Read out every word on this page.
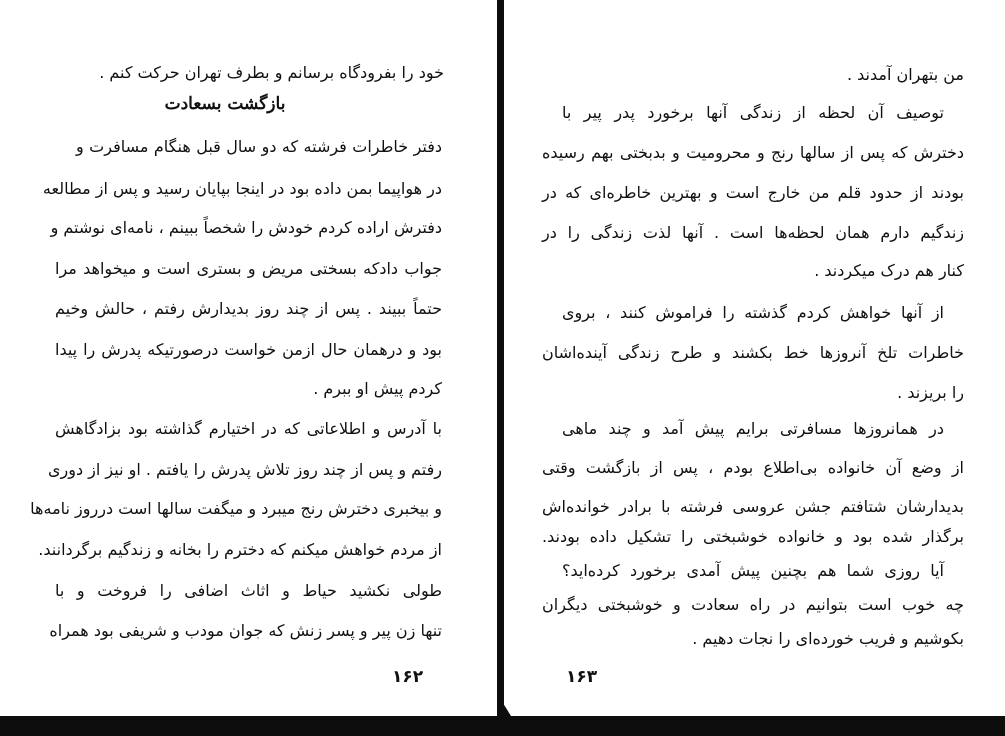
خود را بفرودگاه برسانم و بطرف تهران حرکت کنم .
بازگشت بسعادت
دفتر خاطرات فرشته که دو سال قبل هنگام مسافرت و
در هواپیما بمن داده بود در اینجا بپایان رسید و پس از مطالعه
دفترش اراده کردم خودش را شخصاً ببینم ، نامه‌ای نوشتم و
جواب دادکه بسختی مریض و بستری است و میخواهد مرا
حتماً ببیند . پس از چند روز بدیدارش رفتم ، حالش وخیم
بود و درهمان حال ازمن خواست درصورتیکه پدرش را پیدا
کردم پیش او ببرم .
با آدرس و اطلاعاتی که در اختیارم گذاشته بود بزادگاهش
رفتم و پس از چند روز تلاش پدرش را یافتم . او نیز از دوری
و بیخبری دخترش رنج میبرد و میگفت سالها است درروز نامه‌ها
از مردم خواهش میکنم که دخترم را بخانه و زندگیم برگردانند.
طولی نکشید حیاط و اثاث اضافی را فروخت و با
تنها زن پیر و پسر زنش که جوان مودب و شریفی بود همراه
۱۶۲
من بتهران آمدند .
توصیف آن لحظه از زندگی آنها برخورد پدر پیر با
دخترش که پس از سالها رنج و محرومیت و بدبختی بهم رسیده
بودند از حدود قلم من خارج است و بهترین خاطره‌ای که در
زندگیم دارم همان لحظه‌ها است . آنها لذت زندگی را در
کنار هم درک میکردند .
از آنها خواهش کردم گذشته را فراموش کنند ، بروی
خاطرات تلخ آنروزها خط بکشند و طرح زندگی آینده‌اشان
را بریزند .
در همانروزها مسافرتی برایم پیش آمد و چند ماهی
از وضع آن خانواده بی‌اطلاع بودم ، پس از بازگشت وقتی
بدیدارشان شتافتم جشن عروسی فرشته با برادر خوانده‌اش
برگذار شده بود و خانواده خوشبختی را تشکیل داده بودند.
آیا روزی شما هم بچنین پیش آمدی برخورد کرده‌اید؟
چه خوب است بتوانیم در راه سعادت و خوشبختی دیگران
بکوشیم و فریب خورده‌ای را نجات دهیم .
۱۶۳
